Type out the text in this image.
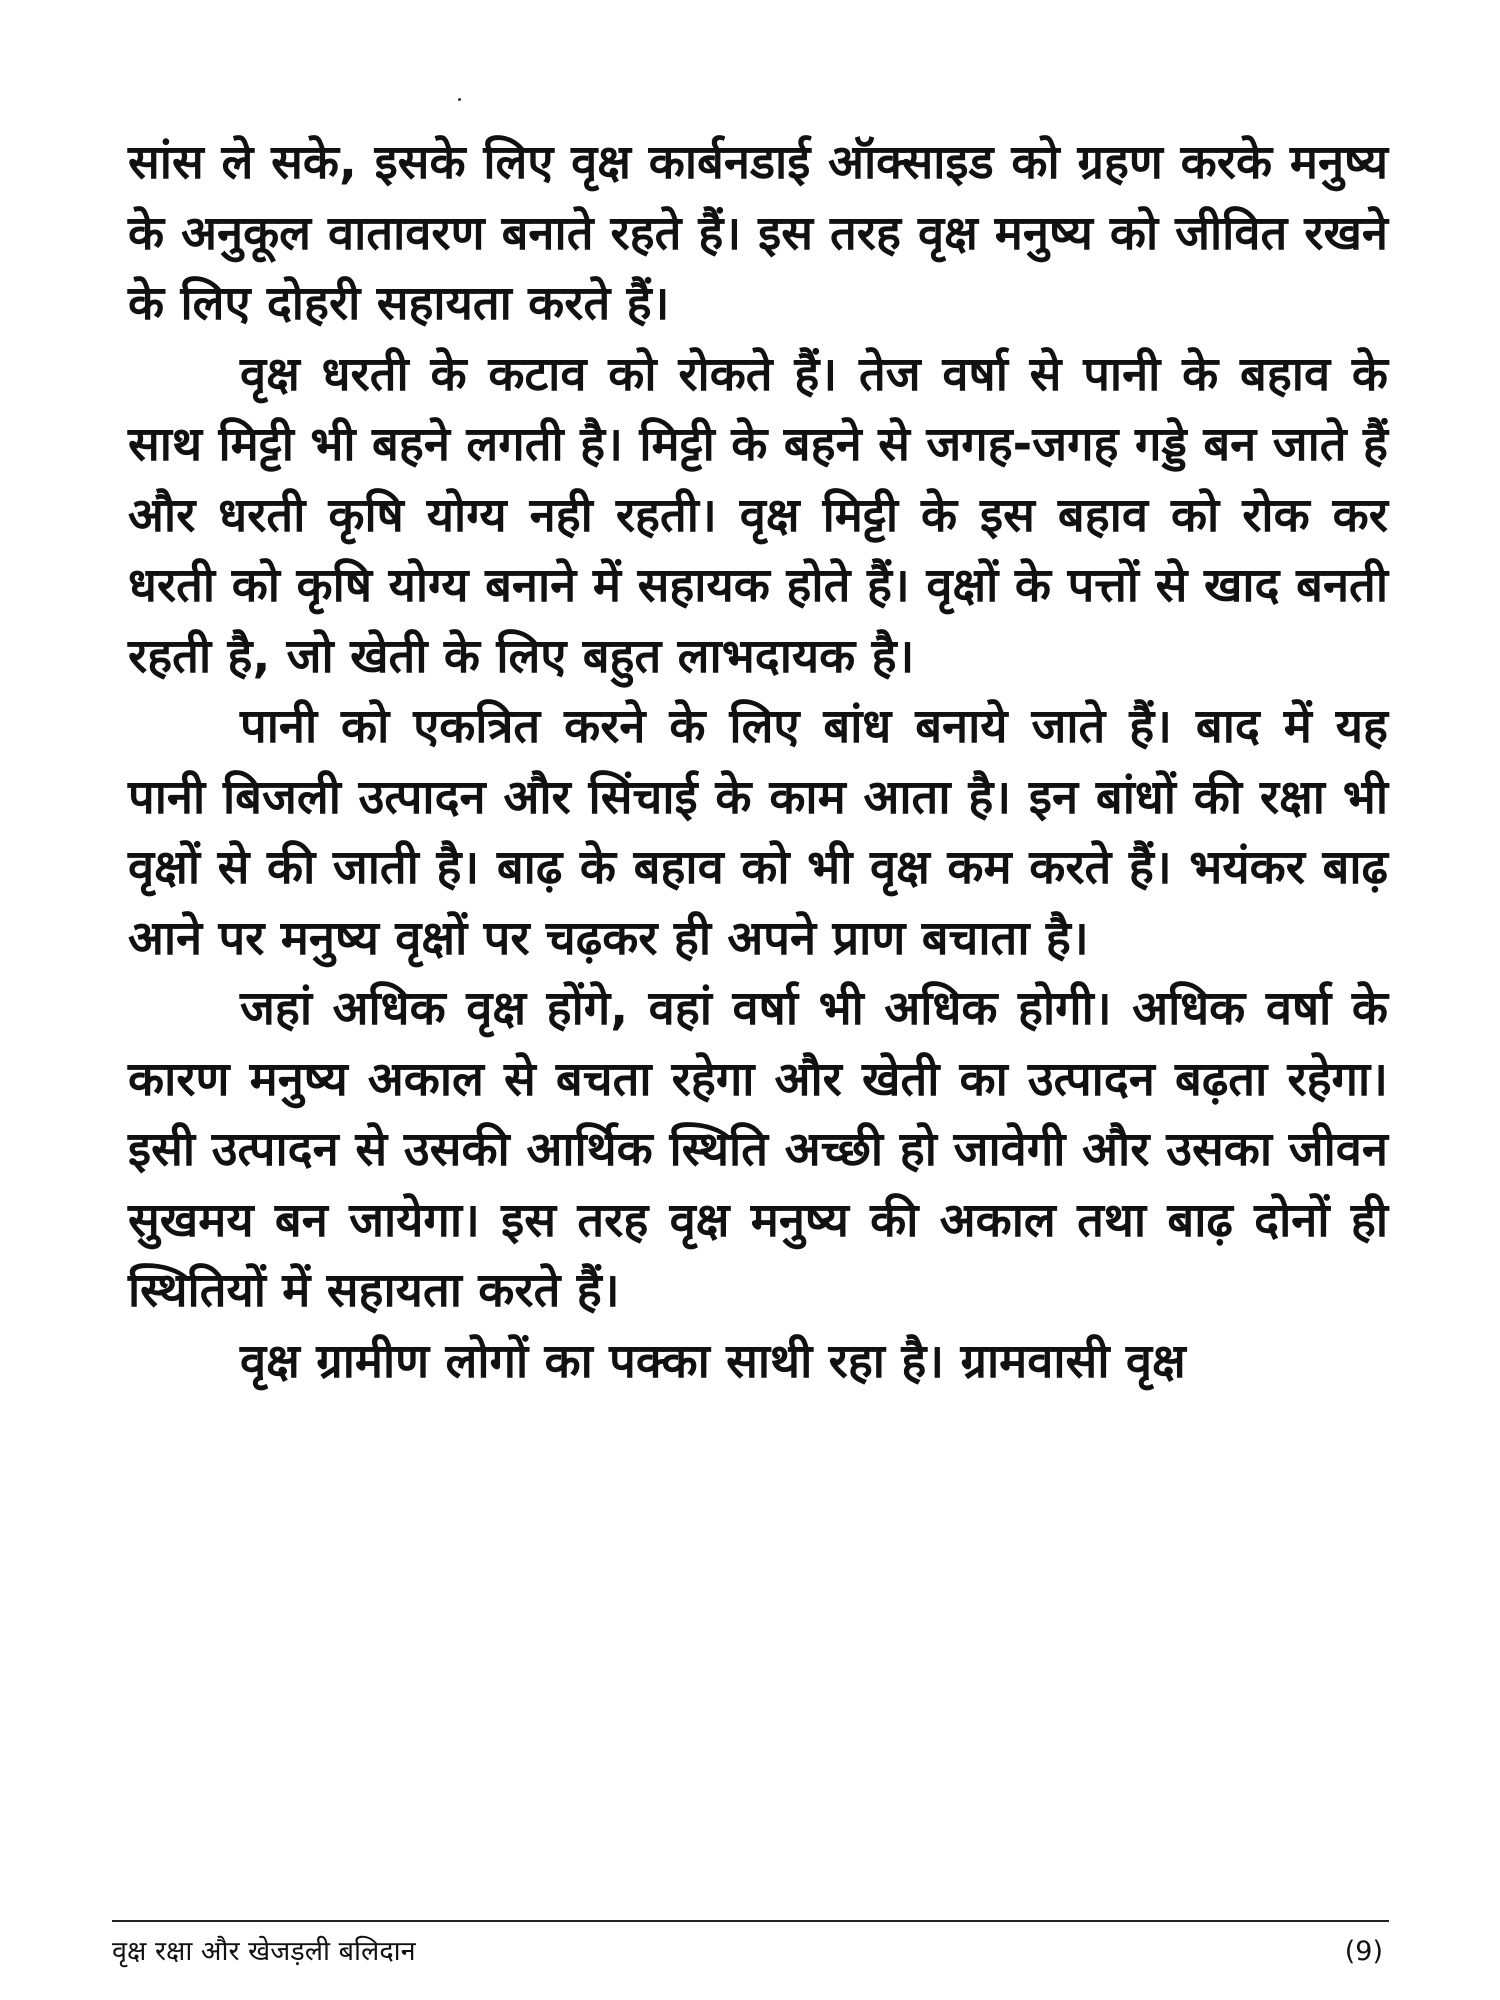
सांस ले सके, इसके लिए वृक्ष कार्बनडाई ऑक्साइड को ग्रहण करके मनुष्य के अनुकूल वातावरण बनाते रहते हैं। इस तरह वृक्ष मनुष्य को जीवित रखने के लिए दोहरी सहायता करते हैं।

वृक्ष धरती के कटाव को रोकते हैं। तेज वर्षा से पानी के बहाव के साथ मिट्टी भी बहने लगती है। मिट्टी के बहने से जगह-जगह गड्डे बन जाते हैं और धरती कृषि योग्य नही रहती। वृक्ष मिट्टी के इस बहाव को रोक कर धरती को कृषि योग्य बनाने में सहायक होते हैं। वृक्षों के पत्तों से खाद बनती रहती है, जो खेती के लिए बहुत लाभदायक है।

पानी को एकत्रित करने के लिए बांध बनाये जाते हैं। बाद में यह पानी बिजली उत्पादन और सिंचाई के काम आता है। इन बांधों की रक्षा भी वृक्षों से की जाती है। बाढ़ के बहाव को भी वृक्ष कम करते हैं। भयंकर बाढ़ आने पर मनुष्य वृक्षों पर चढ़कर ही अपने प्राण बचाता है।

जहां अधिक वृक्ष होंगे, वहां वर्षा भी अधिक होगी। अधिक वर्षा के कारण मनुष्य अकाल से बचता रहेगा और खेती का उत्पादन बढ़ता रहेगा। इसी उत्पादन से उसकी आर्थिक स्थिति अच्छी हो जावेगी और उसका जीवन सुखमय बन जायेगा। इस तरह वृक्ष मनुष्य की अकाल तथा बाढ़ दोनों ही स्थितियों में सहायता करते हैं।

वृक्ष ग्रामीण लोगों का पक्का साथी रहा है। ग्रामवासी वृक्ष

वृक्ष रक्षा और खेजड़ली बलिदान	(9)
